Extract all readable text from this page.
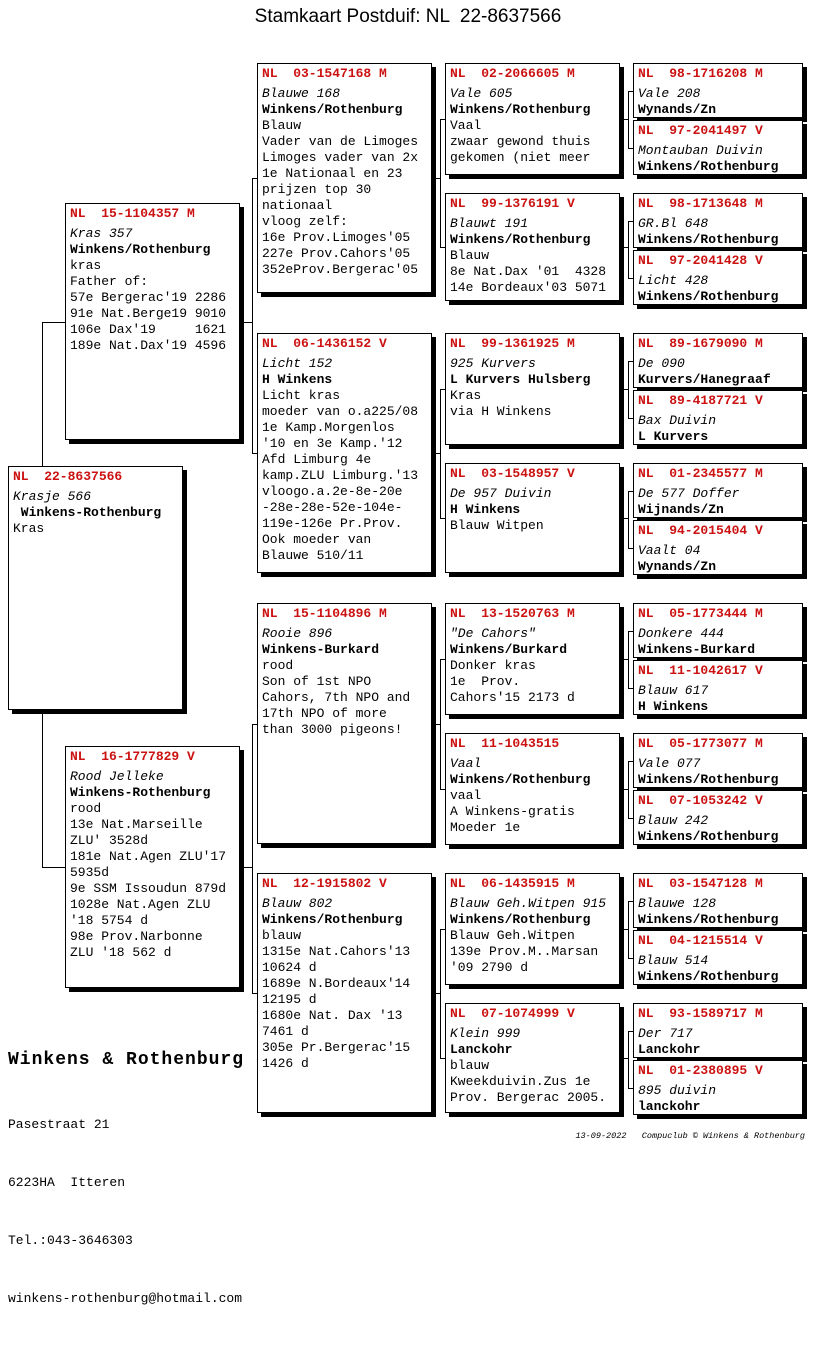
Stamkaart Postduif: NL  22-8637566
NL  22-8637566
Krasje 566
Winkens-Rothenburg
Kras
NL  15-1104357 M
Kras 357
Winkens/Rothenburg
kras
Father of:
57e Bergerac'19 2286
91e Nat.Berge19 9010
106e Dax'19     1621
189e Nat.Dax'19 4596
NL  16-1777829 V
Rood Jelleke
Winkens-Rothenburg
rood
13e Nat.Marseille
ZLU' 3528d
181e Nat.Agen ZLU'17
5935d
9e SSM Issoudun 879d
1028e Nat.Agen ZLU
'18 5754 d
98e Prov.Narbonne
ZLU '18 562 d
NL  03-1547168 M
Blauwe 168
Winkens/Rothenburg
Blauw
Vader van de Limoges
Limoges vader van 2x
1e Nationaal en 23
prijzen top 30
nationaal
vloog zelf:
16e Prov.Limoges'05
227e Prov.Cahors'05
352eProv.Bergerac'05
NL  06-1436152 V
Licht 152
H Winkens
Licht kras
moeder van o.a225/08
1e Kamp.Morgenlos
'10 en 3e Kamp.'12
Afd Limburg 4e
kamp.ZLU Limburg.'13
vloogo.a.2e-8e-20e
-28e-28e-52e-104e-
119e-126e Pr.Prov.
Ook moeder van
Blauwe 510/11
NL  15-1104896 M
Rooie 896
Winkens-Burkard
rood
Son of 1st NPO
Cahors, 7th NPO and
17th NPO of more
than 3000 pigeons!
NL  12-1915802 V
Blauw 802
Winkens/Rothenburg
blauw
1315e Nat.Cahors'13
10624 d
1689e N.Bordeaux'14
12195 d
1680e Nat. Dax '13
7461 d
305e Pr.Bergerac'15
1426 d
NL  02-2066605 M
Vale 605
Winkens/Rothenburg
Vaal
zwaar gewond thuis
gekomen (niet meer
NL  99-1376191 V
Blauwt 191
Winkens/Rothenburg
Blauw
8e Nat.Dax '01  4328
14e Bordeaux'03 5071
NL  99-1361925 M
925 Kurvers
L Kurvers Hulsberg
Kras
via H Winkens
NL  03-1548957 V
De 957 Duivin
H Winkens
Blauw Witpen
NL  13-1520763 M
"De Cahors"
Winkens/Burkard
Donker kras
1e  Prov.
Cahors'15 2173 d
NL  11-1043515
Vaal
Winkens/Rothenburg
vaal
A Winkens-gratis
Moeder 1e
NL  06-1435915 M
Blauw Geh.Witpen 915
Winkens/Rothenburg
Blauw Geh.Witpen
139e Prov.M..Marsan
'09 2790 d
NL  07-1074999 V
Klein 999
Lanckohr
blauw
Kweekduivin.Zus 1e
Prov. Bergerac 2005.
NL  98-1716208 M
Vale 208
Wynands/Zn
NL  97-2041497 V
Montauban Duivin
Winkens/Rothenburg
NL  98-1713648 M
GR.Bl 648
Winkens/Rothenburg
NL  97-2041428 V
Licht 428
Winkens/Rothenburg
NL  89-1679090 M
De 090
Kurvers/Hanegraaf
NL  89-4187721 V
Bax Duivin
L Kurvers
NL  01-2345577 M
De 577 Doffer
Wijnands/Zn
NL  94-2015404 V
Vaalt 04
Wynands/Zn
NL  05-1773444 M
Donkere 444
Winkens-Burkard
NL  11-1042617 V
Blauw 617
H Winkens
NL  05-1773077 M
Vale 077
Winkens/Rothenburg
NL  07-1053242 V
Blauw 242
Winkens/Rothenburg
NL  03-1547128 M
Blauwe 128
Winkens/Rothenburg
NL  04-1215514 V
Blauw 514
Winkens/Rothenburg
NL  93-1589717 M
Der 717
Lanckohr
NL  01-2380895 V
895 duivin
lanckohr

Winkens & Rothenburg

Pasestraat 21

6223HA  Itteren

Tel.:043-3646303

winkens-rothenburg@hotmail.com

13-09-2022   Compuclub © Winkens & Rothenburg
